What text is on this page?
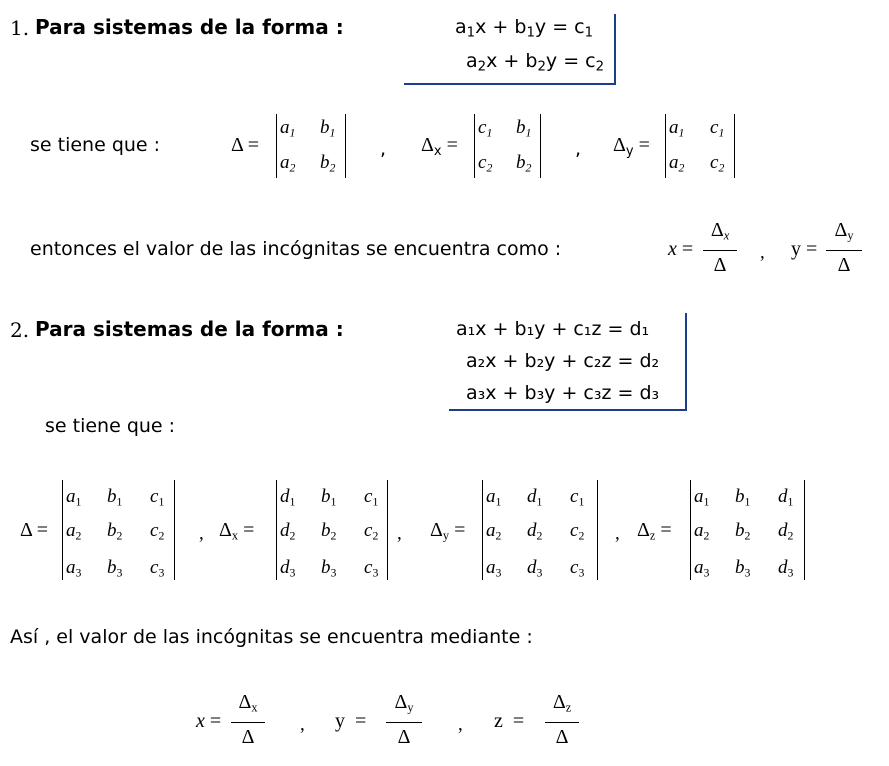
1. Para sistemas de la forma :	$a_1x + b_1y = c_1$
$a_2x + b_2y = c_2$
se tiene que :	Δ =
a1 b1
a2 b2
, Δx =
c1 b1
c2 b2
, Δy =
a1 c1
a2 c2
entonces el valor de las incógnitas se encuentra como :	x =
Δx
Δ
, y =
Δy
Δ
2. Para sistemas de la forma :	a₁x + b₁y + c₁z = d₁
a₂x + b₂y + c₂z = d₂
a₃x + b₃y + c₃z = d₃
se tiene que :
Δ =
a1 b1 c1
a2 b2 c2
a3 b3 c3
, Δx =
d1 b1 c1
d2 b2 c2
d3 b3 c3
, Δy =
a1 d1 c1
a2 d2 c2
a3 d3 c3
, Δz =
a1 b1 d1
a2 b2 d2
a3 b3 d3
Así , el valor de las incógnitas se encuentra mediante :
x =
Δx
Δ
, y =
Δy
Δ
, z =
Δz
Δ
